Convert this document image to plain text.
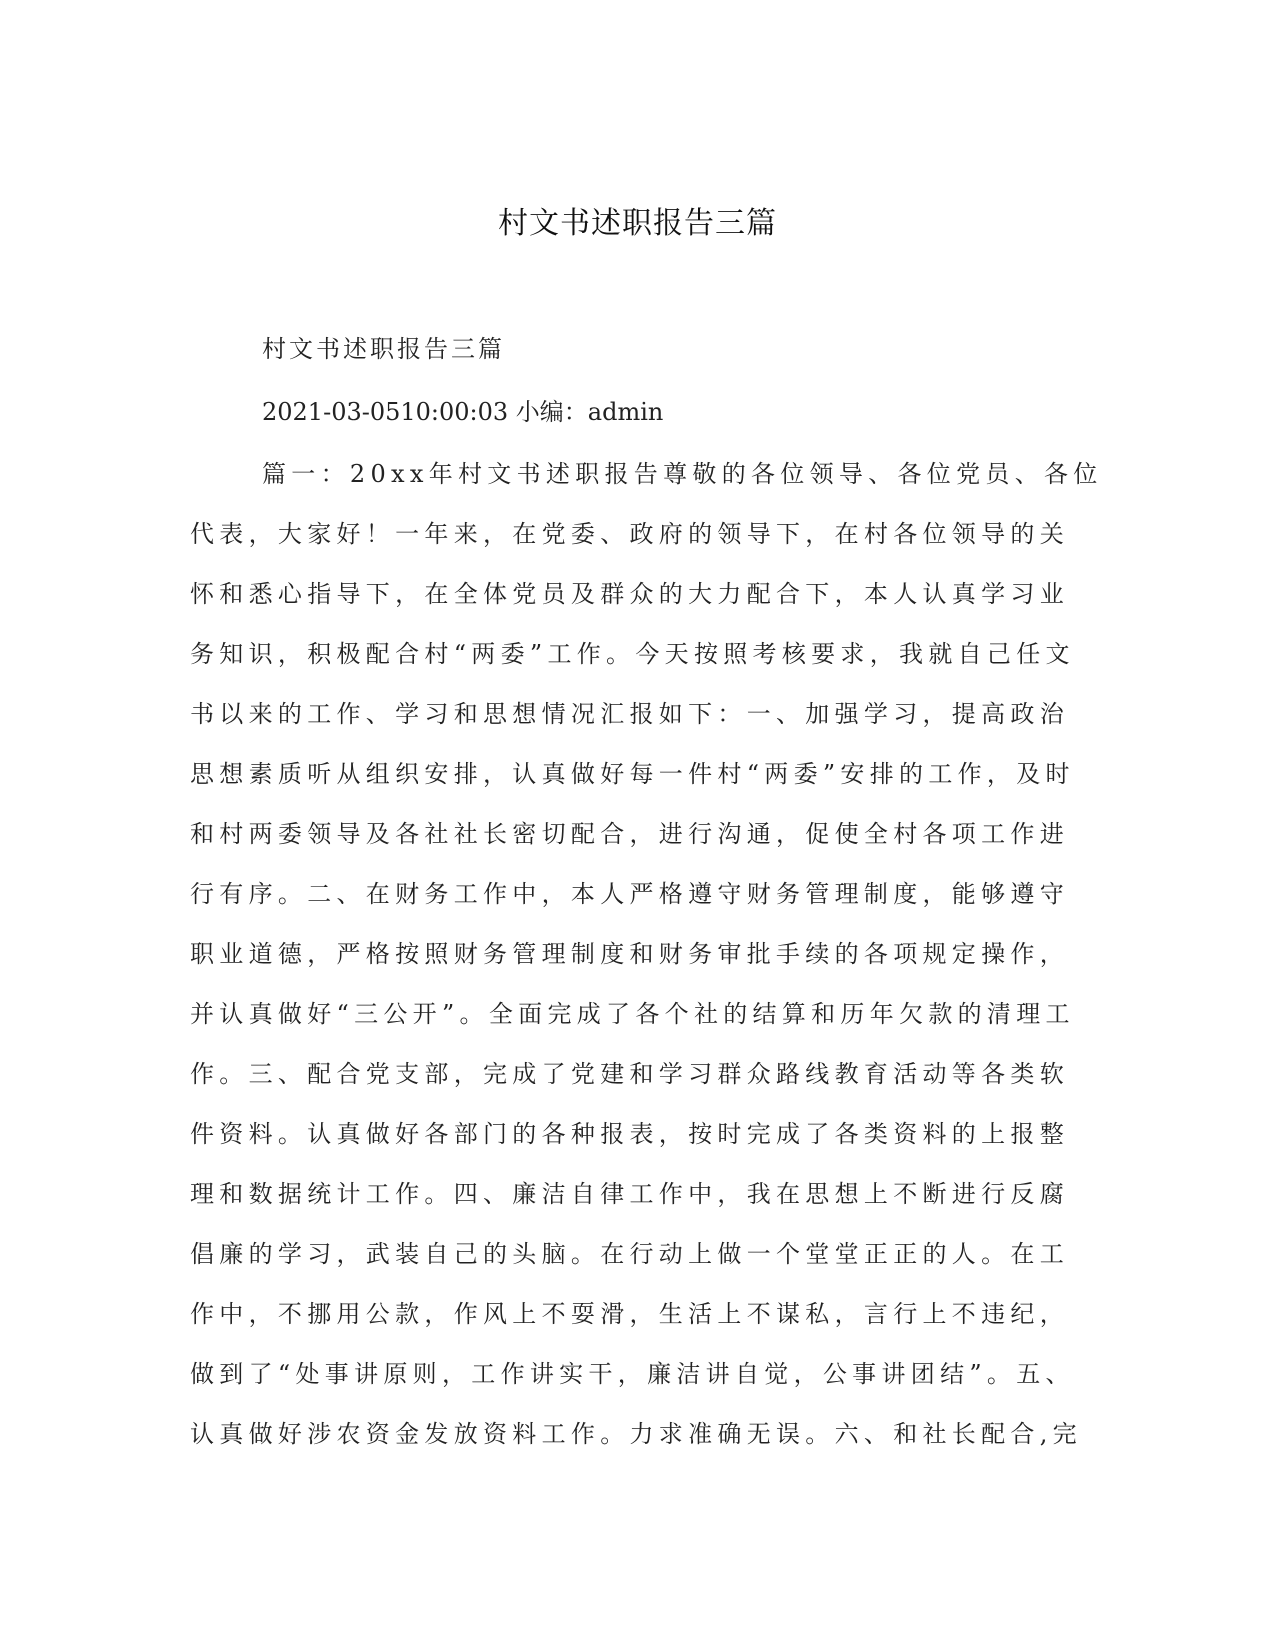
村文书述职报告三篇

村文书述职报告三篇

2021-03-0510:00:03 小编：admin

篇一：20xx年村文书述职报告尊敬的各位领导、各位党员、各位
代表，大家好！一年来，在党委、政府的领导下，在村各位领导的关
怀和悉心指导下，在全体党员及群众的大力配合下，本人认真学习业
务知识，积极配合村“两委”工作。今天按照考核要求，我就自己任文
书以来的工作、学习和思想情况汇报如下：一、加强学习，提高政治
思想素质听从组织安排，认真做好每一件村“两委”安排的工作，及时
和村两委领导及各社社长密切配合，进行沟通，促使全村各项工作进
行有序。二、在财务工作中，本人严格遵守财务管理制度，能够遵守
职业道德，严格按照财务管理制度和财务审批手续的各项规定操作，
并认真做好“三公开”。全面完成了各个社的结算和历年欠款的清理工
作。三、配合党支部，完成了党建和学习群众路线教育活动等各类软
件资料。认真做好各部门的各种报表，按时完成了各类资料的上报整
理和数据统计工作。四、廉洁自律工作中，我在思想上不断进行反腐
倡廉的学习，武装自己的头脑。在行动上做一个堂堂正正的人。在工
作中，不挪用公款，作风上不耍滑，生活上不谋私，言行上不违纪，
做到了“处事讲原则，工作讲实干，廉洁讲自觉，公事讲团结”。五、
认真做好涉农资金发放资料工作。力求准确无误。六、和社长配合,完
